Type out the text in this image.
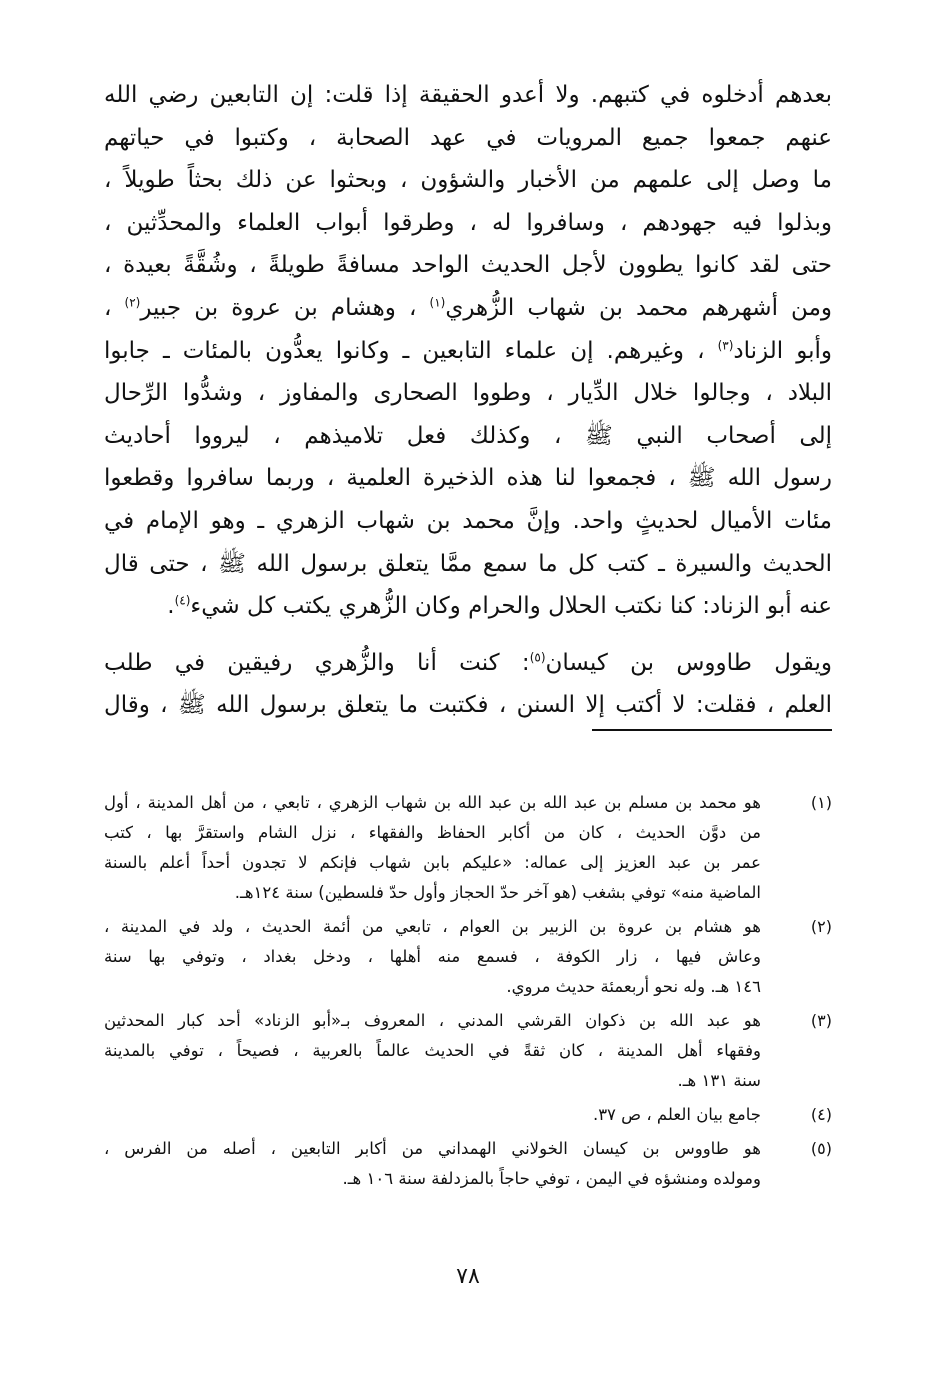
بعدهم أدخلوه في كتبهم. ولا أعدو الحقيقة إذا قلت: إن التابعين رضي الله
عنهم جمعوا جميع المرويات في عهد الصحابة ، وكتبوا في حياتهم
ما وصل إلى علمهم من الأخبار والشؤون ، وبحثوا عن ذلك بحثاً طويلاً ،
وبذلوا فيه جهودهم ، وسافروا له ، وطرقوا أبواب العلماء والمحدِّثين ،
حتى لقد كانوا يطوون لأجل الحديث الواحد مسافةً طويلةً ، وشُقَّةً بعيدة ،
ومن أشهرهم محمد بن شهاب الزُّهري$^{(١)}$ ، وهشام بن عروة بن جبير$^{(٢)}$ ،
وأبو الزناد$^{(٣)}$ ، وغيرهم. إن علماء التابعين ـ وكانوا يعدُّون بالمئات ـ جابوا
البلاد ، وجالوا خلال الدِّيار ، وطووا الصحارى والمفاوز ، وشدُّوا الرِّحال
إلى أصحاب النبي ﷺ ، وكذلك فعل تلاميذهم ، ليرووا أحاديث
رسول الله ﷺ ، فجمعوا لنا هذه الذخيرة العلمية ، وربما سافروا وقطعوا
مئات الأميال لحديثٍ واحد. وإنَّ محمد بن شهاب الزهري ـ وهو الإمام في
الحديث والسيرة ـ كتب كل ما سمع ممَّا يتعلق برسول الله ﷺ ، حتى قال
عنه أبو الزناد: كنا نكتب الحلال والحرام وكان الزُّهري يكتب كل شيء$^{(٤)}$.
ويقول طاووس بن كيسان$^{(٥)}$: كنت أنا والزُّهري رفيقين في طلب
العلم ، فقلت: لا أكتب إلا السنن ، فكتبت ما يتعلق برسول الله ﷺ ، وقال
(١)
هو محمد بن مسلم بن عبد الله بن عبد الله بن شهاب الزهري ، تابعي ، من أهل المدينة ، أول
من دوَّن الحديث ، كان من أكابر الحفاظ والفقهاء ، نزل الشام واستقرَّ بها ، كتب
عمر بن عبد العزيز إلى عماله: «عليكم بابن شهاب فإنكم لا تجدون أحداً أعلم بالسنة
الماضية منه» توفي بشغب (هو آخر حدّ الحجاز وأول حدّ فلسطين) سنة ١٢٤هـ.
(٢)
هو هشام بن عروة بن الزبير بن العوام ، تابعي من أئمة الحديث ، ولد في المدينة ،
وعاش فيها ، زار الكوفة ، فسمع منه أهلها ، ودخل بغداد ، وتوفي بها سنة
١٤٦ هـ. وله نحو أربعمئة حديث مروي.
(٣)
هو عبد الله بن ذكوان القرشي المدني ، المعروف بـ«أبو الزناد» أحد كبار المحدثين
وفقهاء أهل المدينة ، كان ثقةً في الحديث عالماً بالعربية ، فصيحاً ، توفي بالمدينة
سنة ١٣١ هـ.
(٤)
جامع بيان العلم ، ص ٣٧.
(٥)
هو طاووس بن كيسان الخولاني الهمداني من أكابر التابعين ، أصله من الفرس ،
ومولده ومنشؤه في اليمن ، توفي حاجاً بالمزدلفة سنة ١٠٦ هـ.
٧٨
